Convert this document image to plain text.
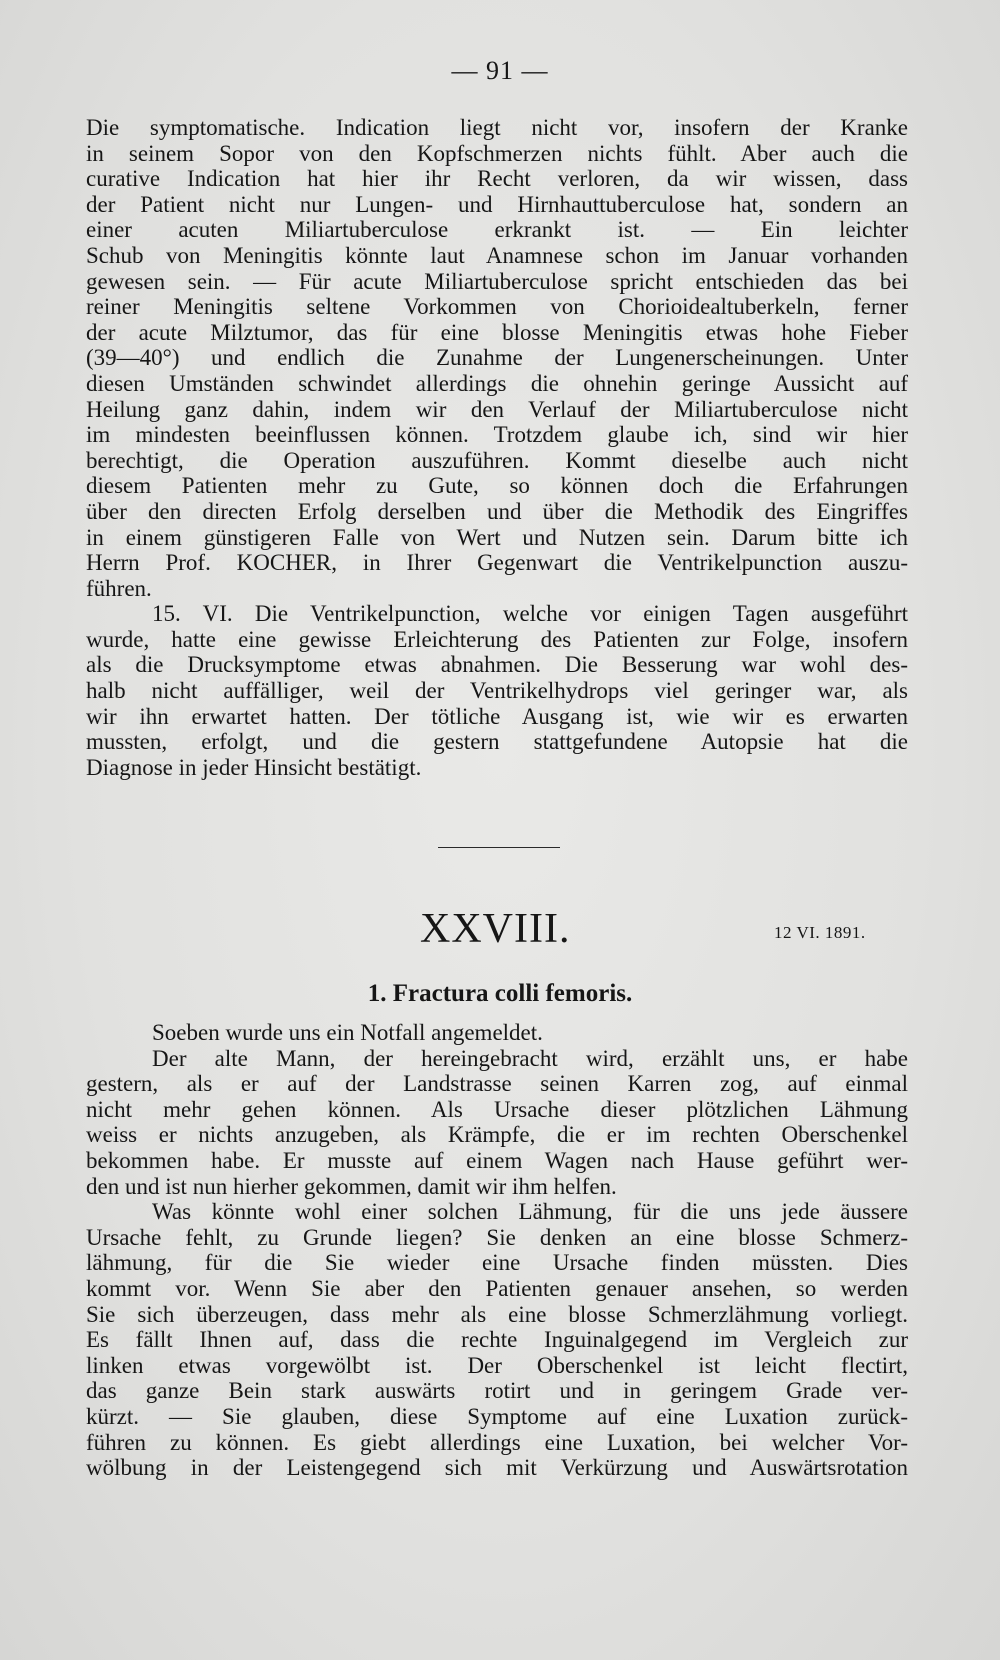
— 91 —
Die symptomatische. Indication liegt nicht vor, insofern der Kranke
in seinem Sopor von den Kopfschmerzen nichts fühlt. Aber auch die
curative Indication hat hier ihr Recht verloren, da wir wissen, dass
der Patient nicht nur Lungen- und Hirnhauttuberculose hat, sondern an
einer acuten Miliartuberculose erkrankt ist. — Ein leichter
Schub von Meningitis könnte laut Anamnese schon im Januar vorhanden
gewesen sein. — Für acute Miliartuberculose spricht entschieden das bei
reiner Meningitis seltene Vorkommen von Chorioidealtuberkeln, ferner
der acute Milztumor, das für eine blosse Meningitis etwas hohe Fieber
(39—40°) und endlich die Zunahme der Lungenerscheinungen. Unter
diesen Umständen schwindet allerdings die ohnehin geringe Aussicht auf
Heilung ganz dahin, indem wir den Verlauf der Miliartuberculose nicht
im mindesten beeinflussen können. Trotzdem glaube ich, sind wir hier
berechtigt, die Operation auszuführen. Kommt dieselbe auch nicht
diesem Patienten mehr zu Gute, so können doch die Erfahrungen
über den directen Erfolg derselben und über die Methodik des Eingriffes
in einem günstigeren Falle von Wert und Nutzen sein. Darum bitte ich
Herrn Prof. KOCHER, in Ihrer Gegenwart die Ventrikelpunction auszu-
führen.
15. VI. Die Ventrikelpunction, welche vor einigen Tagen ausgeführt
wurde, hatte eine gewisse Erleichterung des Patienten zur Folge, insofern
als die Drucksymptome etwas abnahmen. Die Besserung war wohl des-
halb nicht auffälliger, weil der Ventrikelhydrops viel geringer war, als
wir ihn erwartet hatten. Der tötliche Ausgang ist, wie wir es erwarten
mussten, erfolgt, und die gestern stattgefundene Autopsie hat die
Diagnose in jeder Hinsicht bestätigt.
XXVIII.	12 VI. 1891.
1. Fractura colli femoris.
Soeben wurde uns ein Notfall angemeldet.
Der alte Mann, der hereingebracht wird, erzählt uns, er habe
gestern, als er auf der Landstrasse seinen Karren zog, auf einmal
nicht mehr gehen können. Als Ursache dieser plötzlichen Lähmung
weiss er nichts anzugeben, als Krämpfe, die er im rechten Oberschenkel
bekommen habe. Er musste auf einem Wagen nach Hause geführt wer-
den und ist nun hierher gekommen, damit wir ihm helfen.
Was könnte wohl einer solchen Lähmung, für die uns jede äussere
Ursache fehlt, zu Grunde liegen? Sie denken an eine blosse Schmerz-
lähmung, für die Sie wieder eine Ursache finden müssten. Dies
kommt vor. Wenn Sie aber den Patienten genauer ansehen, so werden
Sie sich überzeugen, dass mehr als eine blosse Schmerzlähmung vorliegt.
Es fällt Ihnen auf, dass die rechte Inguinalgegend im Vergleich zur
linken etwas vorgewölbt ist. Der Oberschenkel ist leicht flectirt,
das ganze Bein stark auswärts rotirt und in geringem Grade ver-
kürzt. — Sie glauben, diese Symptome auf eine Luxation zurück-
führen zu können. Es giebt allerdings eine Luxation, bei welcher Vor-
wölbung in der Leistengegend sich mit Verkürzung und Auswärtsrotation
